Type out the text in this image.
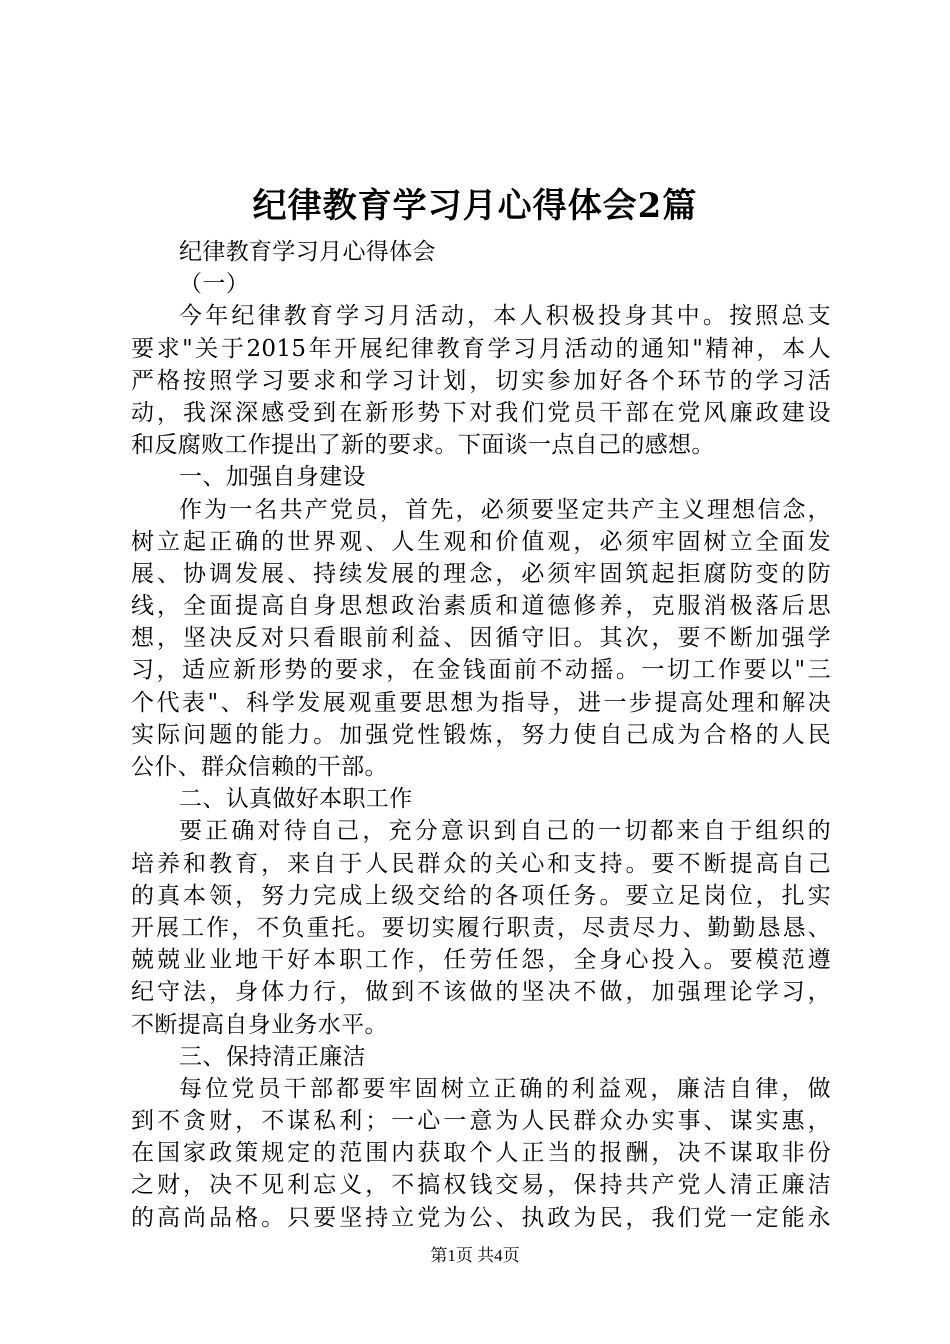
纪律教育学习月心得体会2篇
纪律教育学习月心得体会
（一）
今年纪律教育学习月活动，本人积极投身其中。按照总支
要求"关于2015年开展纪律教育学习月活动的通知"精神，本人
严格按照学习要求和学习计划，切实参加好各个环节的学习活
动，我深深感受到在新形势下对我们党员干部在党风廉政建设
和反腐败工作提出了新的要求。下面谈一点自己的感想。
一、加强自身建设
作为一名共产党员，首先，必须要坚定共产主义理想信念，
树立起正确的世界观、人生观和价值观，必须牢固树立全面发
展、协调发展、持续发展的理念，必须牢固筑起拒腐防变的防
线，全面提高自身思想政治素质和道德修养，克服消极落后思
想，坚决反对只看眼前利益、因循守旧。其次，要不断加强学
习，适应新形势的要求，在金钱面前不动摇。一切工作要以"三
个代表"、科学发展观重要思想为指导，进一步提高处理和解决
实际问题的能力。加强党性锻炼，努力使自己成为合格的人民
公仆、群众信赖的干部。
二、认真做好本职工作
要正确对待自己，充分意识到自己的一切都来自于组织的
培养和教育，来自于人民群众的关心和支持。要不断提高自己
的真本领，努力完成上级交给的各项任务。要立足岗位，扎实
开展工作，不负重托。要切实履行职责，尽责尽力、勤勤恳恳、
兢兢业业地干好本职工作，任劳任怨，全身心投入。要模范遵
纪守法，身体力行，做到不该做的坚决不做，加强理论学习，
不断提高自身业务水平。
三、保持清正廉洁
每位党员干部都要牢固树立正确的利益观，廉洁自律，做
到不贪财，不谋私利；一心一意为人民群众办实事、谋实惠，
在国家政策规定的范围内获取个人正当的报酬，决不谋取非份
之财，决不见利忘义，不搞权钱交易，保持共产党人清正廉洁
的高尚品格。只要坚持立党为公、执政为民，我们党一定能永
第1页 共4页
